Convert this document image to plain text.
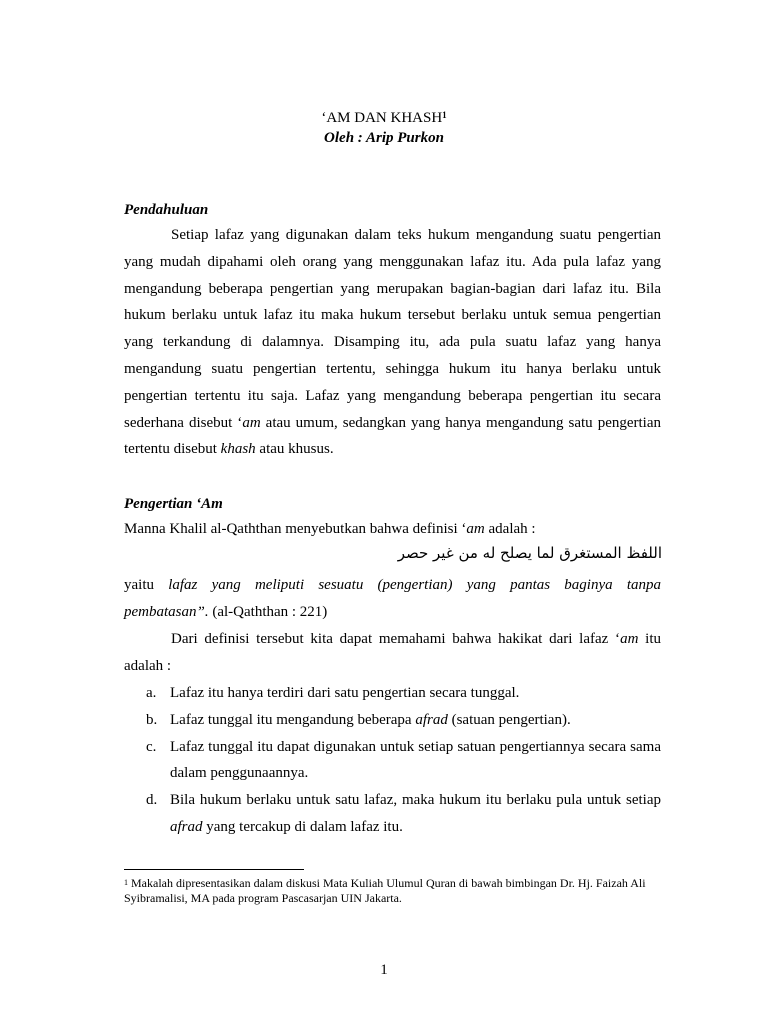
‘AM DAN KHASH$^1$
Oleh : Arip Purkon
Pendahuluan
Setiap lafaz yang digunakan dalam teks hukum mengandung suatu pengertian
yang mudah dipahami oleh orang yang menggunakan lafaz itu. Ada pula lafaz yang
mengandung beberapa pengertian yang merupakan bagian-bagian dari lafaz itu. Bila
hukum berlaku untuk lafaz itu maka hukum tersebut berlaku untuk semua pengertian
yang terkandung di dalamnya. Disamping itu, ada pula suatu lafaz yang hanya
mengandung suatu pengertian tertentu, sehingga hukum itu hanya berlaku untuk
pengertian tertentu itu saja. Lafaz yang mengandung beberapa pengertian itu secara
sederhana disebut ‘am atau umum, sedangkan yang hanya mengandung satu pengertian
tertentu disebut khash atau khusus.
Pengertian ‘Am
Manna Khalil al-Qaththan menyebutkan bahwa definisi ‘am adalah :
اللفظ المستغرق لما يصلح له من غير حصر
yaitu lafaz yang meliputi sesuatu (pengertian) yang pantas baginya tanpa
pembatasan”. (al-Qaththan : 221)
Dari definisi tersebut kita dapat memahami bahwa hakikat dari lafaz ‘am itu
adalah :
a. Lafaz itu hanya terdiri dari satu pengertian secara tunggal.
b. Lafaz tunggal itu mengandung beberapa afrad (satuan pengertian).
c. Lafaz tunggal itu dapat digunakan untuk setiap satuan pengertiannya secara sama dalam penggunaannya.
d. Bila hukum berlaku untuk satu lafaz, maka hukum itu berlaku pula untuk setiap afrad yang tercakup di dalam lafaz itu.
$^1$ Makalah dipresentasikan dalam diskusi Mata Kuliah Ulumul Quran di bawah bimbingan Dr. Hj. Faizah Ali Syibramalisi, MA pada program Pascasarjan UIN Jakarta.
1
